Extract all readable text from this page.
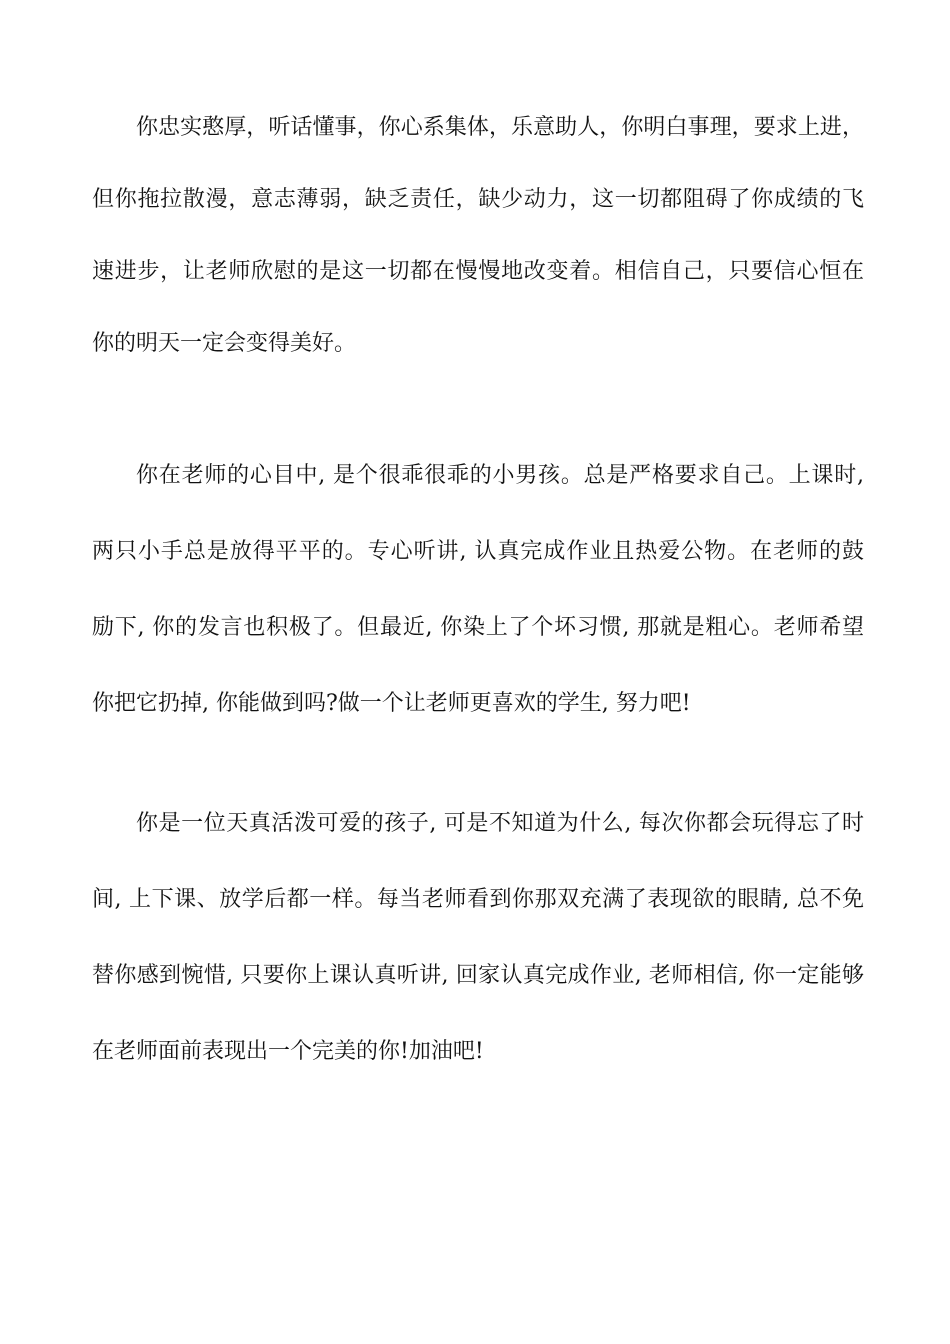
你忠实憨厚，听话懂事，你心系集体，乐意助人，你明白事理，要求上进，
但你拖拉散漫，意志薄弱，缺乏责任，缺少动力，这一切都阻碍了你成绩的飞
速进步，让老师欣慰的是这一切都在慢慢地改变着。相信自己，只要信心恒在
你的明天一定会变得美好。
你在老师的心目中, 是个很乖很乖的小男孩。总是严格要求自己。上课时,
两只小手总是放得平平的。专心听讲, 认真完成作业且热爱公物。在老师的鼓
励下, 你的发言也积极了。但最近, 你染上了个坏习惯, 那就是粗心。老师希望
你把它扔掉, 你能做到吗?做一个让老师更喜欢的学生, 努力吧!
你是一位天真活泼可爱的孩子, 可是不知道为什么, 每次你都会玩得忘了时
间, 上下课、放学后都一样。每当老师看到你那双充满了表现欲的眼睛, 总不免
替你感到惋惜, 只要你上课认真听讲, 回家认真完成作业, 老师相信, 你一定能够
在老师面前表现出一个完美的你!加油吧!
